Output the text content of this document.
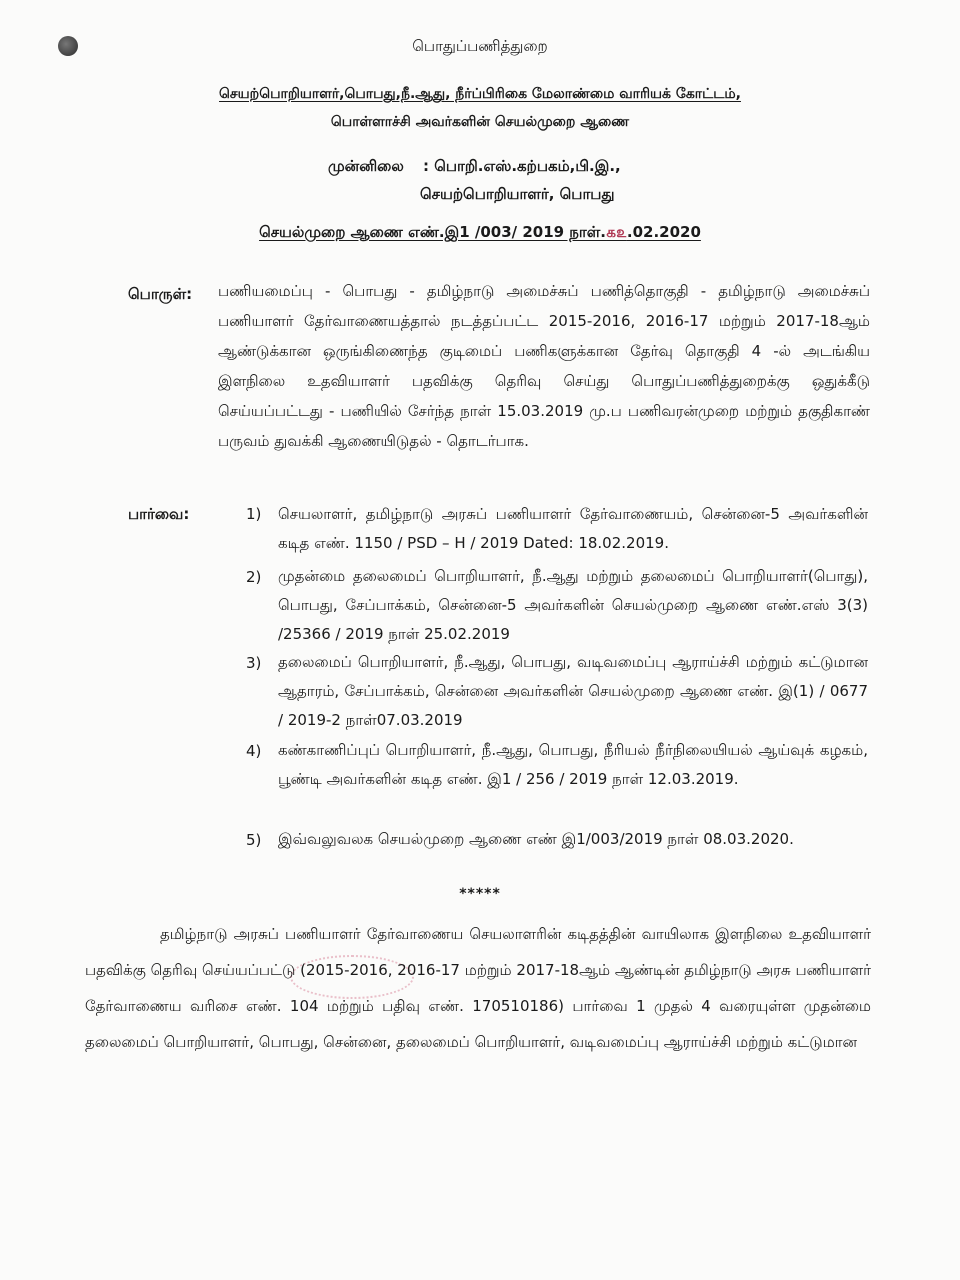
பொதுப்பணித்துறை
செயற்பொறியாளர்,பொபது,நீ.ஆது, நீர்ப்பிரிகை மேலாண்மை வாரியக் கோட்டம்,
பொள்ளாச்சி அவர்களின் செயல்முறை ஆணை
முன்னிலை : பொறி.எஸ்.கற்பகம்,பி.இ.,
செயற்பொறியாளர், பொபது
செயல்முறை ஆணை எண்.இ1 /003/ 2019 நாள்.௧௨.02.2020
பொருள்: பணியமைப்பு - பொபது - தமிழ்நாடு அமைச்சுப் பணித்தொகுதி - தமிழ்நாடு அமைச்சுப் பணியாளர் தேர்வாணையத்தால் நடத்தப்பட்ட 2015-2016, 2016-17 மற்றும் 2017-18ஆம் ஆண்டுக்கான ஒருங்கிணைந்த குடிமைப் பணிகளுக்கான தேர்வு தொகுதி 4 -ல் அடங்கிய இளநிலை உதவியாளர் பதவிக்கு தெரிவு செய்து பொதுப்பணித்துறைக்கு ஒதுக்கீடு செய்யப்பட்டது - பணியில் சேர்ந்த நாள் 15.03.2019 மு.ப பணிவரன்முறை மற்றும் தகுதிகாண் பருவம் துவக்கி ஆணையிடுதல் - தொடர்பாக.
பார்வை:	1) செயலாளர், தமிழ்நாடு அரசுப் பணியாளர் தேர்வாணையம், சென்னை-5 அவர்களின் கடித எண். 1150 / PSD – H / 2019 Dated: 18.02.2019.
2) முதன்மை தலைமைப் பொறியாளர், நீ.ஆது மற்றும் தலைமைப் பொறியாளர்(பொது), பொபது, சேப்பாக்கம், சென்னை-5 அவர்களின் செயல்முறை ஆணை எண்.எஸ் 3(3) /25366 / 2019 நாள் 25.02.2019
3) தலைமைப் பொறியாளர், நீ.ஆது, பொபது, வடிவமைப்பு ஆராய்ச்சி மற்றும் கட்டுமான ஆதாரம், சேப்பாக்கம், சென்னை அவர்களின் செயல்முறை ஆணை எண். இ(1) / 0677 / 2019-2 நாள்07.03.2019
4) கண்காணிப்புப் பொறியாளர், நீ.ஆது, பொபது, நீரியல் நீர்நிலையியல் ஆய்வுக் கழகம், பூண்டி அவர்களின் கடித எண். இ1 / 256 / 2019 நாள் 12.03.2019.
5) இவ்வலுவலக செயல்முறை ஆணை எண் இ1/003/2019 நாள் 08.03.2020.
*****
தமிழ்நாடு அரசுப் பணியாளர் தேர்வாணைய செயலாளரின் கடிதத்தின் வாயிலாக இளநிலை உதவியாளர் பதவிக்கு தெரிவு செய்யப்பட்டு (2015-2016, 2016-17 மற்றும் 2017-18ஆம் ஆண்டின் தமிழ்நாடு அரசு பணியாளர் தேர்வாணைய வரிசை எண். 104 மற்றும் பதிவு எண். 170510186) பார்வை 1 முதல் 4 வரையுள்ள முதன்மை தலைமைப் பொறியாளர், பொபது, சென்னை, தலைமைப் பொறியாளர், வடிவமைப்பு ஆராய்ச்சி மற்றும் கட்டுமான
